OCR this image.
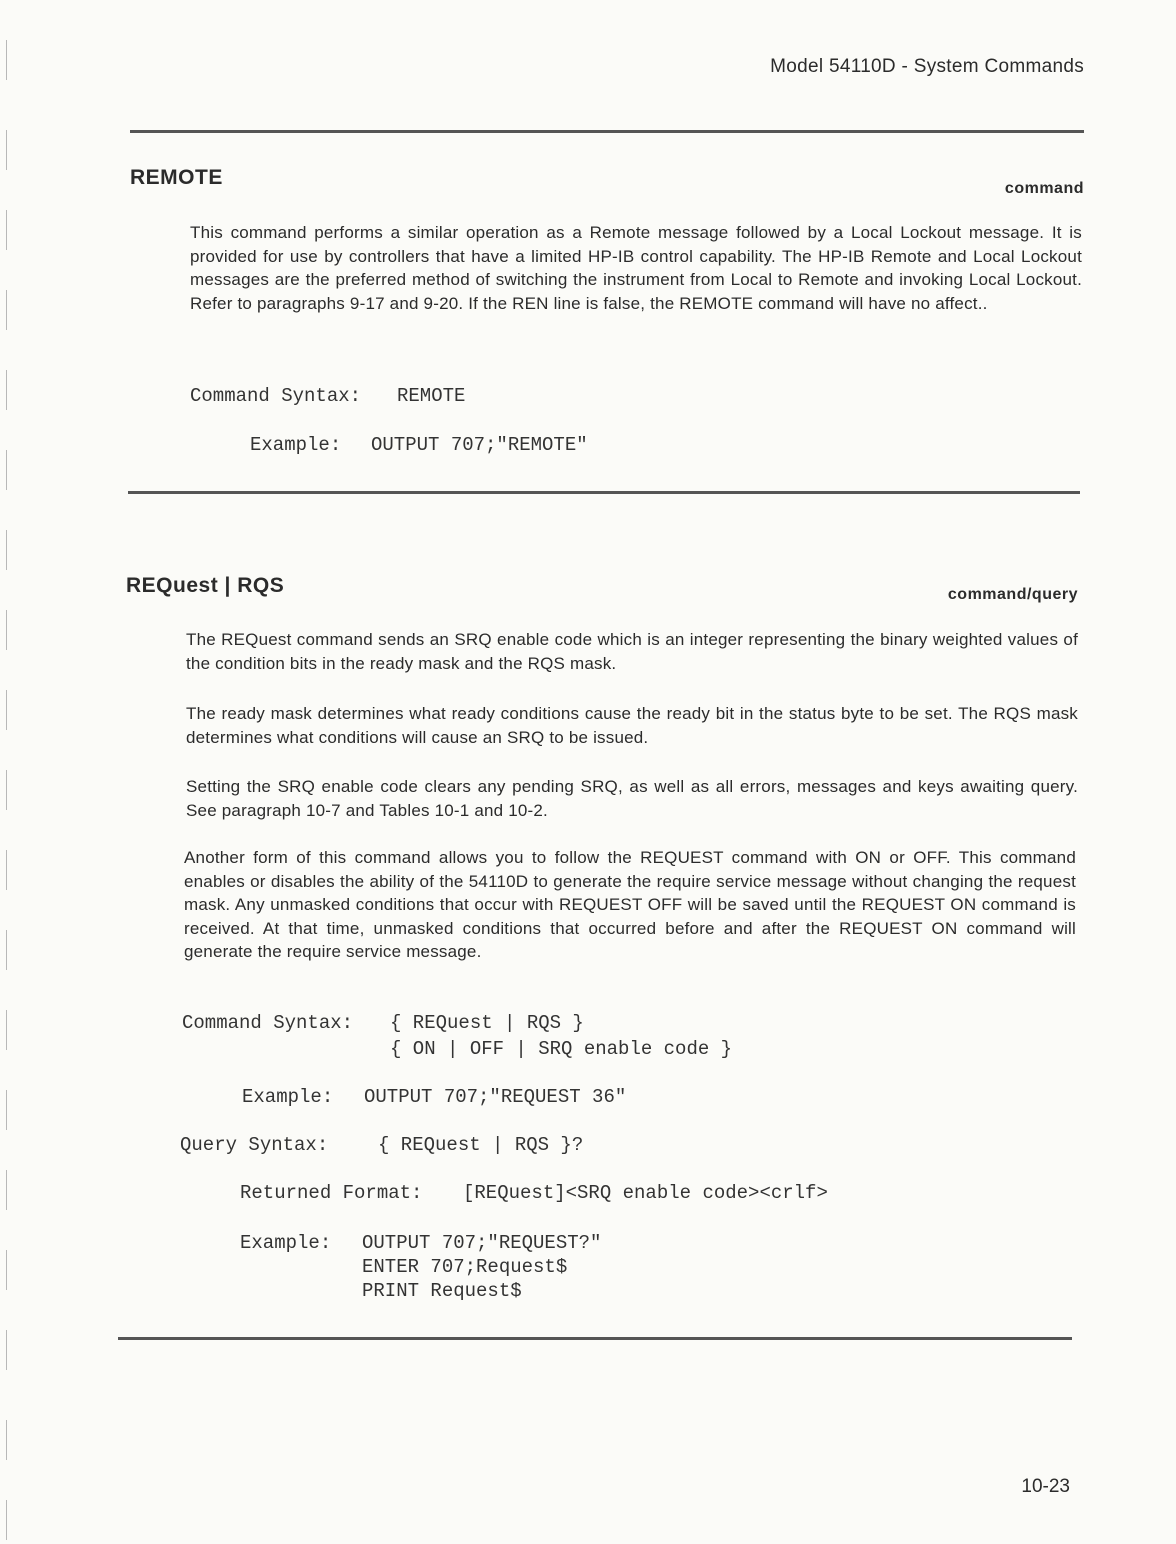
Model 54110D - System Commands
REMOTE	command
This command performs a similar operation as a Remote message followed by a Local Lockout message. It is provided for use by controllers that have a limited HP-IB control capability. The HP-IB Remote and Local Lockout messages are the preferred method of switching the instrument from Local to Remote and invoking Local Lockout. Refer to paragraphs 9-17 and 9-20. If the REN line is false, the REMOTE command will have no affect..
Command Syntax: REMOTE
Example: OUTPUT 707;"REMOTE"
REQuest | RQS	command/query
The REQuest command sends an SRQ enable code which is an integer representing the binary weighted values of the condition bits in the ready mask and the RQS mask.
The ready mask determines what ready conditions cause the ready bit in the status byte to be set. The RQS mask determines what conditions will cause an SRQ to be issued.
Setting the SRQ enable code clears any pending SRQ, as well as all errors, messages and keys awaiting query. See paragraph 10-7 and Tables 10-1 and 10-2.
Another form of this command allows you to follow the REQUEST command with ON or OFF. This command enables or disables the ability of the 54110D to generate the require service message without changing the request mask. Any unmasked conditions that occur with REQUEST OFF will be saved until the REQUEST ON command is received. At that time, unmasked conditions that occurred before and after the REQUEST ON command will generate the require service message.
Command Syntax: { REQuest | RQS }
{ ON | OFF | SRQ enable code }
Example: OUTPUT 707;"REQUEST 36"
Query Syntax:	{ REQuest | RQS }?
Returned Format: [REQuest]<SRQ enable code><crlf>
Example: OUTPUT 707;"REQUEST?"
ENTER 707;Request$
PRINT Request$
10-23
